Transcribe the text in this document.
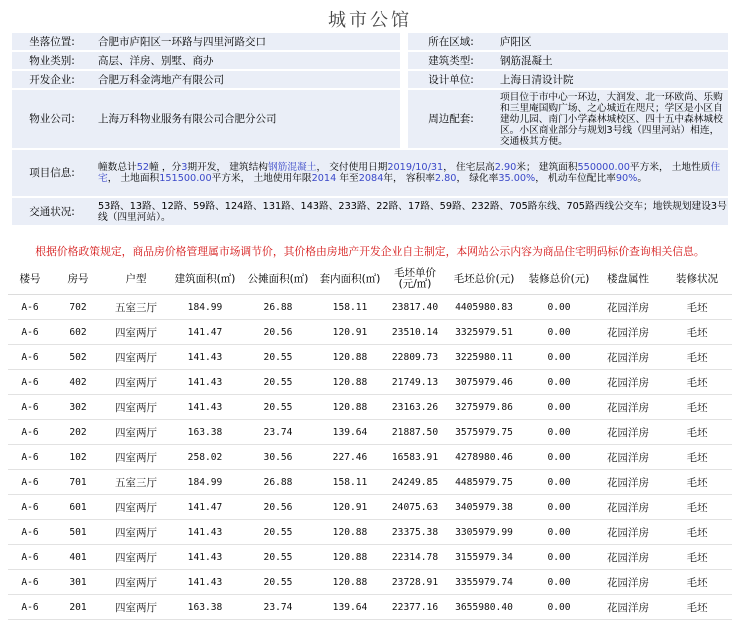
城市公馆
坐落位置:	合肥市庐阳区一环路与四里河路交口		所在区域:	庐阳区
物业类别:	高层、洋房、别墅、商办		建筑类型:	钢筋混凝土
开发企业:	合肥万科金湾地产有限公司		设计单位:	上海日清设计院
物业公司:	上海万科物业服务有限公司合肥分公司		周边配套:	项目位于市中心一环边，大润发、北一环欧尚、乐购和三里庵国购广场、之心城近在咫尺；学区是小区自建幼儿园、南门小学森林城校区、四十五中森林城校区。小区商业部分与规划3号线（四里河站）相连，交通极其方便。
项目信息:	幢数总计52幢 ，分3期开发， 建筑结构钢筋混凝土， 交付使用日期2019/10/31， 住宅层高2.90米； 建筑面积550000.00平方米， 土地性质住宅， 土地面积151500.00平方米， 土地使用年限2014 年至2084年， 容积率2.80， 绿化率35.00%， 机动车位配比率90%。			
交通状况:	53路、13路、12路、59路、124路、131路、143路、233路、22路、17路、59路、232路、705路东线、705路西线公交车；地铁规划建设3号线（四里河站）。			
根据价格政策规定，商品房价格管理属市场调节价，其价格由房地产开发企业自主制定，本网站公示内容为商品住宅明码标价查询相关信息。
楼号	房号	户型	建筑面积(㎡)	公摊面积(㎡)	套内面积(㎡)	毛坯单价(元/㎡)	毛坯总价(元)	装修总价(元)	楼盘属性	装修状况
A-6	702	五室三厅	184.99	26.88	158.11	23817.40	4405980.83	0.00	花园洋房	毛坯
A-6	602	四室两厅	141.47	20.56	120.91	23510.14	3325979.51	0.00	花园洋房	毛坯
A-6	502	四室两厅	141.43	20.55	120.88	22809.73	3225980.11	0.00	花园洋房	毛坯
A-6	402	四室两厅	141.43	20.55	120.88	21749.13	3075979.46	0.00	花园洋房	毛坯
A-6	302	四室两厅	141.43	20.55	120.88	23163.26	3275979.86	0.00	花园洋房	毛坯
A-6	202	四室两厅	163.38	23.74	139.64	21887.50	3575979.75	0.00	花园洋房	毛坯
A-6	102	四室两厅	258.02	30.56	227.46	16583.91	4278980.46	0.00	花园洋房	毛坯
A-6	701	五室三厅	184.99	26.88	158.11	24249.85	4485979.75	0.00	花园洋房	毛坯
A-6	601	四室两厅	141.47	20.56	120.91	24075.63	3405979.38	0.00	花园洋房	毛坯
A-6	501	四室两厅	141.43	20.55	120.88	23375.38	3305979.99	0.00	花园洋房	毛坯
A-6	401	四室两厅	141.43	20.55	120.88	22314.78	3155979.34	0.00	花园洋房	毛坯
A-6	301	四室两厅	141.43	20.55	120.88	23728.91	3355979.74	0.00	花园洋房	毛坯
A-6	201	四室两厅	163.38	23.74	139.64	22377.16	3655980.40	0.00	花园洋房	毛坯
